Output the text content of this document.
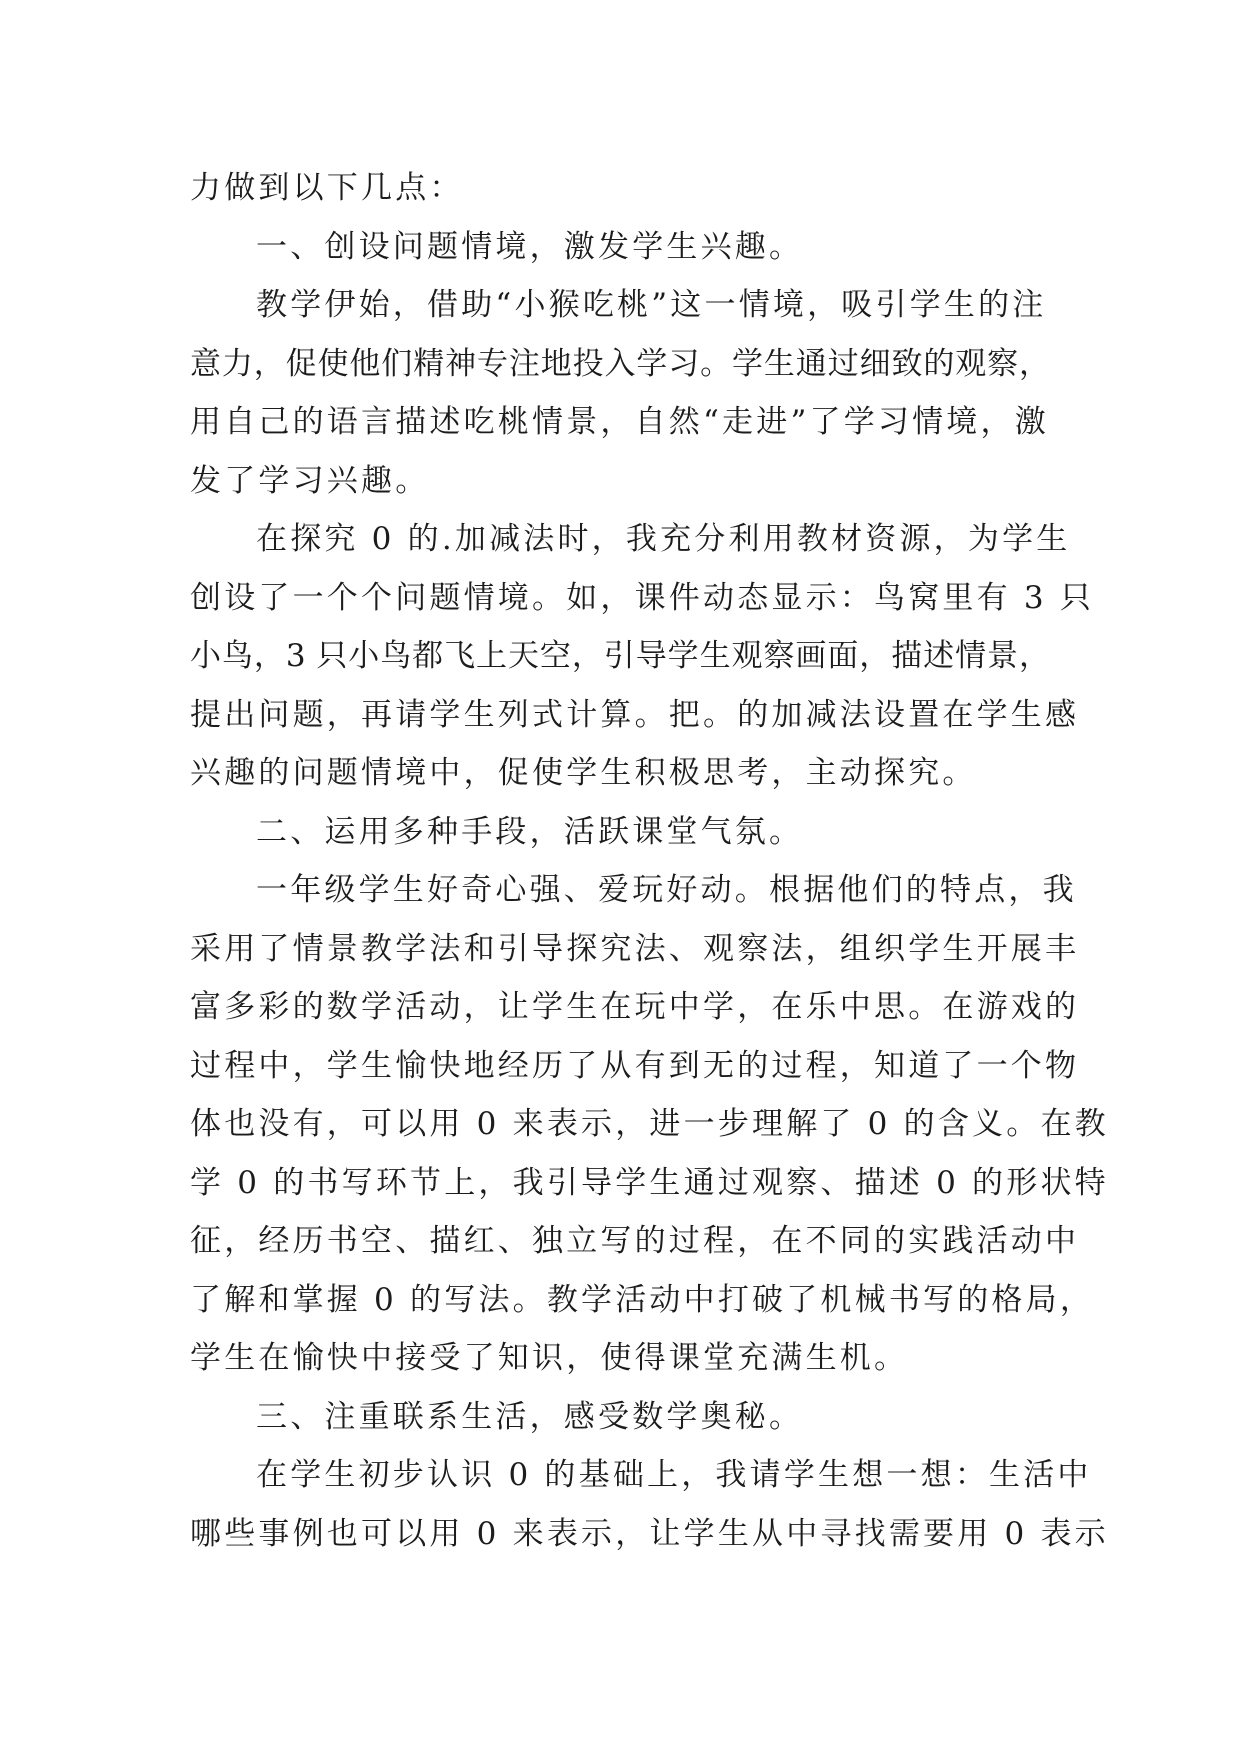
力做到以下几点：
一、创设问题情境，激发学生兴趣。
教学伊始，借助“小猴吃桃”这一情境，吸引学生的注
意力，促使他们精神专注地投入学习。学生通过细致的观察，
用自己的语言描述吃桃情景，自然“走进”了学习情境，激
发了学习兴趣。
在探究 0 的.加减法时，我充分利用教材资源，为学生
创设了一个个问题情境。如，课件动态显示：鸟窝里有 3 只
小鸟，3 只小鸟都飞上天空，引导学生观察画面，描述情景，
提出问题，再请学生列式计算。把。的加减法设置在学生感
兴趣的问题情境中，促使学生积极思考，主动探究。
二、运用多种手段，活跃课堂气氛。
一年级学生好奇心强、爱玩好动。根据他们的特点，我
采用了情景教学法和引导探究法、观察法，组织学生开展丰
富多彩的数学活动，让学生在玩中学，在乐中思。在游戏的
过程中，学生愉快地经历了从有到无的过程，知道了一个物
体也没有，可以用 0 来表示，进一步理解了 0 的含义。在教
学 0 的书写环节上，我引导学生通过观察、描述 0 的形状特
征，经历书空、描红、独立写的过程，在不同的实践活动中
了解和掌握 0 的写法。教学活动中打破了机械书写的格局，
学生在愉快中接受了知识，使得课堂充满生机。
三、注重联系生活，感受数学奥秘。
在学生初步认识 0 的基础上，我请学生想一想：生活中
哪些事例也可以用 0 来表示，让学生从中寻找需要用 0 表示
